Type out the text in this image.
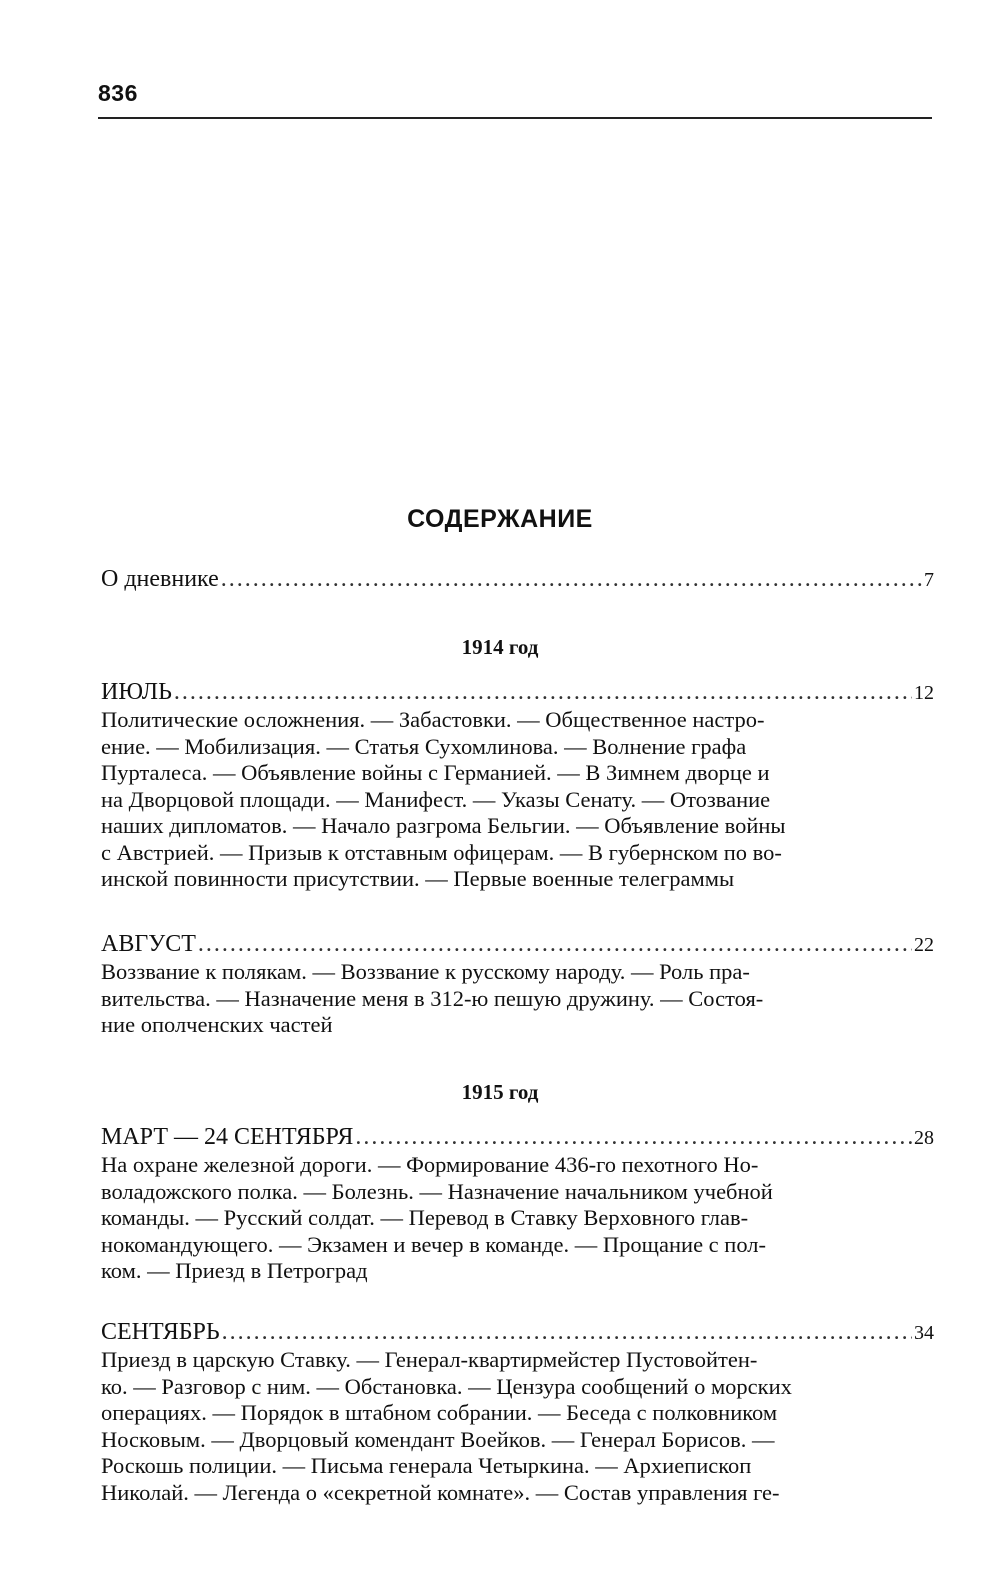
836
СОДЕРЖАНИЕ
О дневнике . . .	7
1914 год
ИЮЛЬ . . .	12
Политические осложнения. — Забастовки. — Общественное настро-
ение. — Мобилизация. — Статья Сухомлинова. — Волнение графа
Пурталеса. — Объявление войны с Германией. — В Зимнем дворце и
на Дворцовой площади. — Манифест. — Указы Сенату. — Отозвание
наших дипломатов. — Начало разгрома Бельгии. — Объявление войны
с Австрией. — Призыв к отставным офицерам. — В губернском по во-
инской повинности присутствии. — Первые военные телеграммы
АВГУСТ . . .	22
Воззвание к полякам. — Воззвание к русскому народу. — Роль пра-
вительства. — Назначение меня в 312-ю пешую дружину. — Состоя-
ние ополченских частей
1915 год
МАРТ — 24 СЕНТЯБРЯ . . .	28
На охране железной дороги. — Формирование 436-го пехотного Но-
воладожского полка. — Болезнь. — Назначение начальником учебной
команды. — Русский солдат. — Перевод в Ставку Верховного глав-
нокомандующего. — Экзамен и вечер в команде. — Прощание с пол-
ком. — Приезд в Петроград
СЕНТЯБРЬ . . .	34
Приезд в царскую Ставку. — Генерал-квартирмейстер Пустовойтен-
ко. — Разговор с ним. — Обстановка. — Цензура сообщений о морских
операциях. — Порядок в штабном собрании. — Беседа с полковником
Носковым. — Дворцовый комендант Воейков. — Генерал Борисов. —
Роскошь полиции. — Письма генерала Четыркина. — Архиепископ
Николай. — Легенда о «секретной комнате». — Состав управления ге-
